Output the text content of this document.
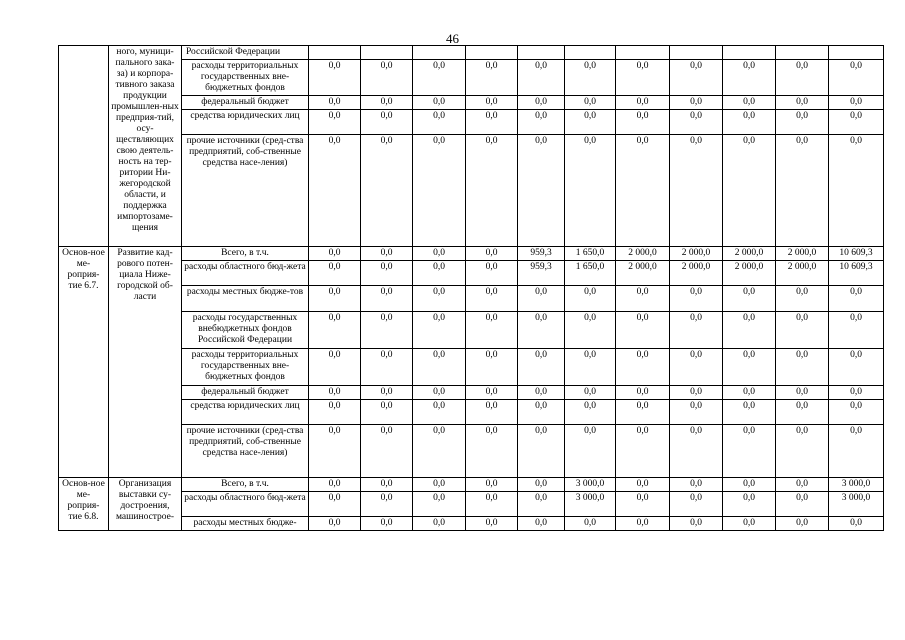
46
	ного, муници-пального зака-за) и корпора-тивного заказа продукции промышлен-ных предприя-тий, осу-ществляющих свою деятель-ность на тер-ритории Ни-жегородской области, и поддержка импортозаме-щения	Российской Федерации											
		расходы территориальных государственных вне-бюджетных фондов	0,0	0,0	0,0	0,0	0,0	0,0	0,0	0,0	0,0	0,0	0,0
		федеральный бюджет	0,0	0,0	0,0	0,0	0,0	0,0	0,0	0,0	0,0	0,0	0,0
		средства юридических лиц	0,0	0,0	0,0	0,0	0,0	0,0	0,0	0,0	0,0	0,0	0,0
		прочие источники (сред-ства предприятий, соб-ственные средства насе-ления)	0,0	0,0	0,0	0,0	0,0	0,0	0,0	0,0	0,0	0,0	0,0
Основ-ное ме-роприя-тие 6.7.	Развитие кад-рового потен-циала Ниже-городской об-ласти	Всего, в т.ч.	0,0	0,0	0,0	0,0	959,3	1 650,0	2 000,0	2 000,0	2 000,0	2 000,0	10 609,3
		расходы областного бюд-жета	0,0	0,0	0,0	0,0	959,3	1 650,0	2 000,0	2 000,0	2 000,0	2 000,0	10 609,3
		расходы местных бюдже-тов	0,0	0,0	0,0	0,0	0,0	0,0	0,0	0,0	0,0	0,0	0,0
		расходы государственных внебюджетных фондов Российской Федерации	0,0	0,0	0,0	0,0	0,0	0,0	0,0	0,0	0,0	0,0	0,0
		расходы территориальных государственных вне-бюджетных фондов	0,0	0,0	0,0	0,0	0,0	0,0	0,0	0,0	0,0	0,0	0,0
		федеральный бюджет	0,0	0,0	0,0	0,0	0,0	0,0	0,0	0,0	0,0	0,0	0,0
		средства юридических лиц	0,0	0,0	0,0	0,0	0,0	0,0	0,0	0,0	0,0	0,0	0,0
		прочие источники (сред-ства предприятий, соб-ственные средства насе-ления)	0,0	0,0	0,0	0,0	0,0	0,0	0,0	0,0	0,0	0,0	0,0
Основ-ное ме-роприя-тие 6.8.	Организация выставки су-достроения, машинострое-	Всего, в т.ч.	0,0	0,0	0,0	0,0	0,0	3 000,0	0,0	0,0	0,0	0,0	3 000,0
		расходы областного бюд-жета	0,0	0,0	0,0	0,0	0,0	3 000,0	0,0	0,0	0,0	0,0	3 000,0
		расходы местных бюдже-	0,0	0,0	0,0	0,0	0,0	0,0	0,0	0,0	0,0	0,0	0,0
